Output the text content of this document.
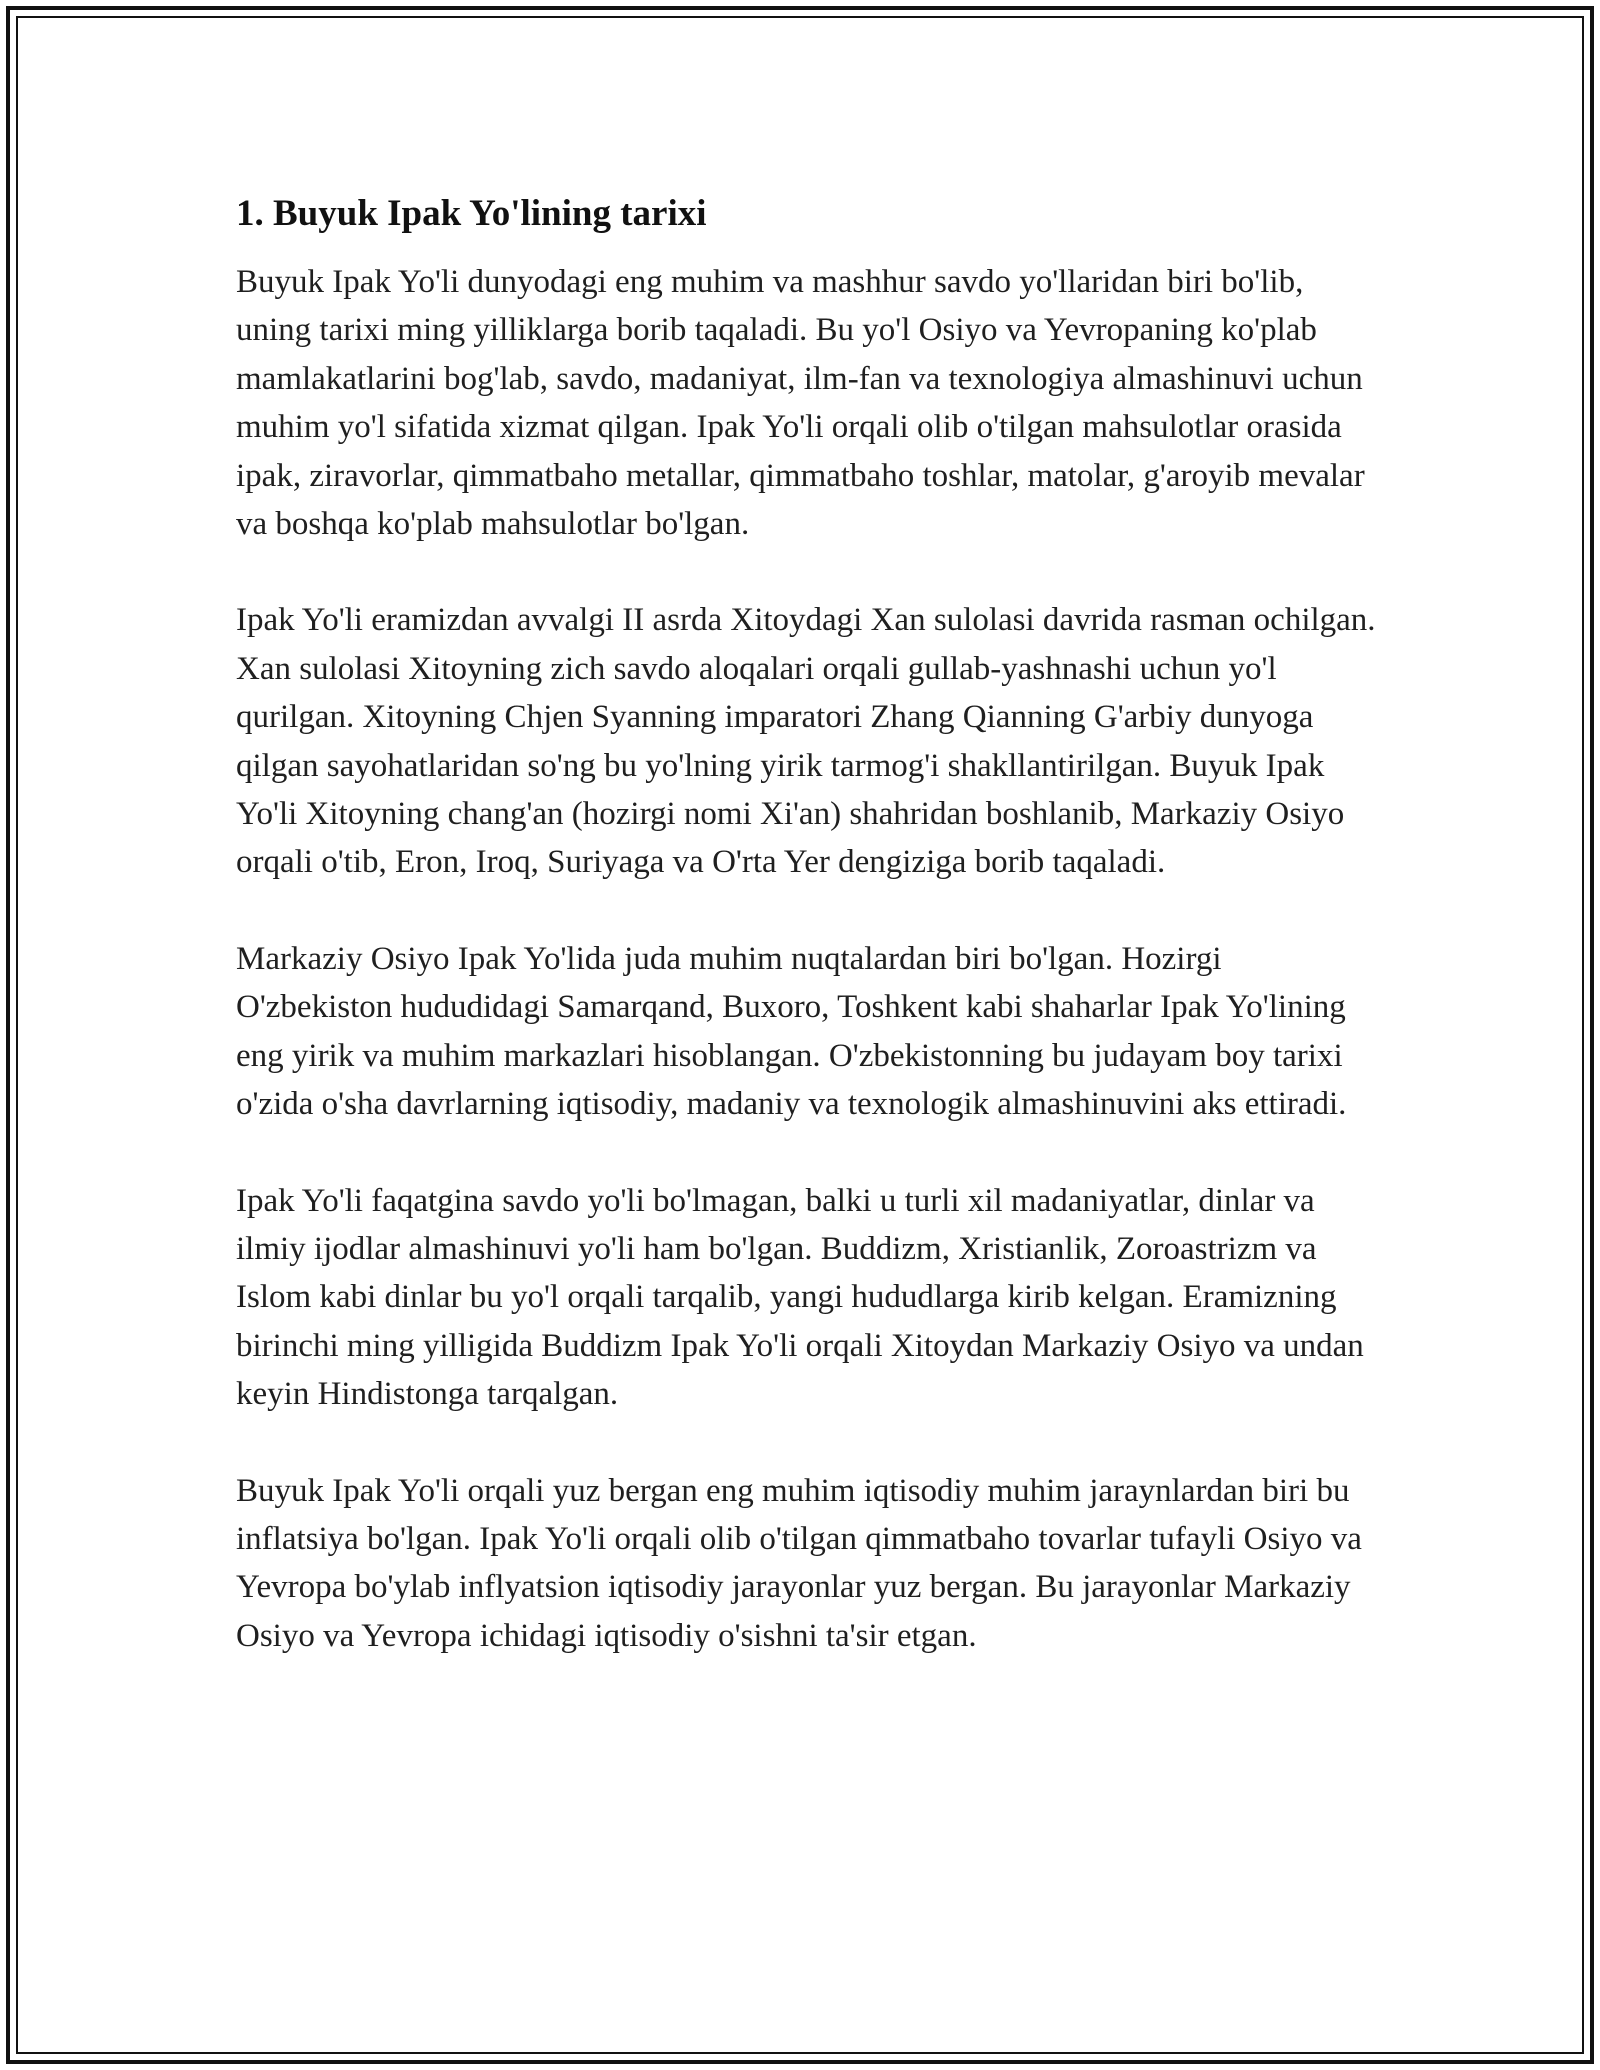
1. Buyuk Ipak Yo'lining tarixi

Buyuk Ipak Yo'li dunyodagi eng muhim va mashhur savdo yo'llaridan biri bo'lib, uning tarixi ming yilliklarga borib taqaladi. Bu yo'l Osiyo va Yevropaning ko'plab mamlakatlarini bog'lab, savdo, madaniyat, ilm-fan va texnologiya almashinuvi uchun muhim yo'l sifatida xizmat qilgan. Ipak Yo'li orqali olib o'tilgan mahsulotlar orasida ipak, ziravorlar, qimmatbaho metallar, qimmatbaho toshlar, matolar, g'aroyib mevalar va boshqa ko'plab mahsulotlar bo'lgan.

Ipak Yo'li eramizdan avvalgi II asrda Xitoydagi Xan sulolasi davrida rasman ochilgan. Xan sulolasi Xitoyning zich savdo aloqalari orqali gullab-yashnashi uchun yo'l qurilgan. Xitoyning Chjen Syanning imparatori Zhang Qianning G'arbiy dunyoga qilgan sayohatlaridan so'ng bu yo'lning yirik tarmog'i shakllantirilgan. Buyuk Ipak Yo'li Xitoyning chang'an (hozirgi nomi Xi'an) shahridan boshlanib, Markaziy Osiyo orqali o'tib, Eron, Iroq, Suriyaga va O'rta Yer dengiziga borib taqaladi.

Markaziy Osiyo Ipak Yo'lida juda muhim nuqtalardan biri bo'lgan. Hozirgi O'zbekiston hududidagi Samarqand, Buxoro, Toshkent kabi shaharlar Ipak Yo'lining eng yirik va muhim markazlari hisoblangan. O'zbekistonning bu judayam boy tarixi o'zida o'sha davrlarning iqtisodiy, madaniy va texnologik almashinuvini aks ettiradi.

Ipak Yo'li faqatgina savdo yo'li bo'lmagan, balki u turli xil madaniyatlar, dinlar va ilmiy ijodlar almashinuvi yo'li ham bo'lgan. Buddizm, Xristianlik, Zoroastrizm va Islom kabi dinlar bu yo'l orqali tarqalib, yangi hududlarga kirib kelgan. Eramizning birinchi ming yilligida Buddizm Ipak Yo'li orqali Xitoydan Markaziy Osiyo va undan keyin Hindistonga tarqalgan.

Buyuk Ipak Yo'li orqali yuz bergan eng muhim iqtisodiy muhim jaraynlardan biri bu inflatsiya bo'lgan. Ipak Yo'li orqali olib o'tilgan qimmatbaho tovarlar tufayli Osiyo va Yevropa bo'ylab inflyatsion iqtisodiy jarayonlar yuz bergan. Bu jarayonlar Markaziy Osiyo va Yevropa ichidagi iqtisodiy o'sishni ta'sir etgan.
